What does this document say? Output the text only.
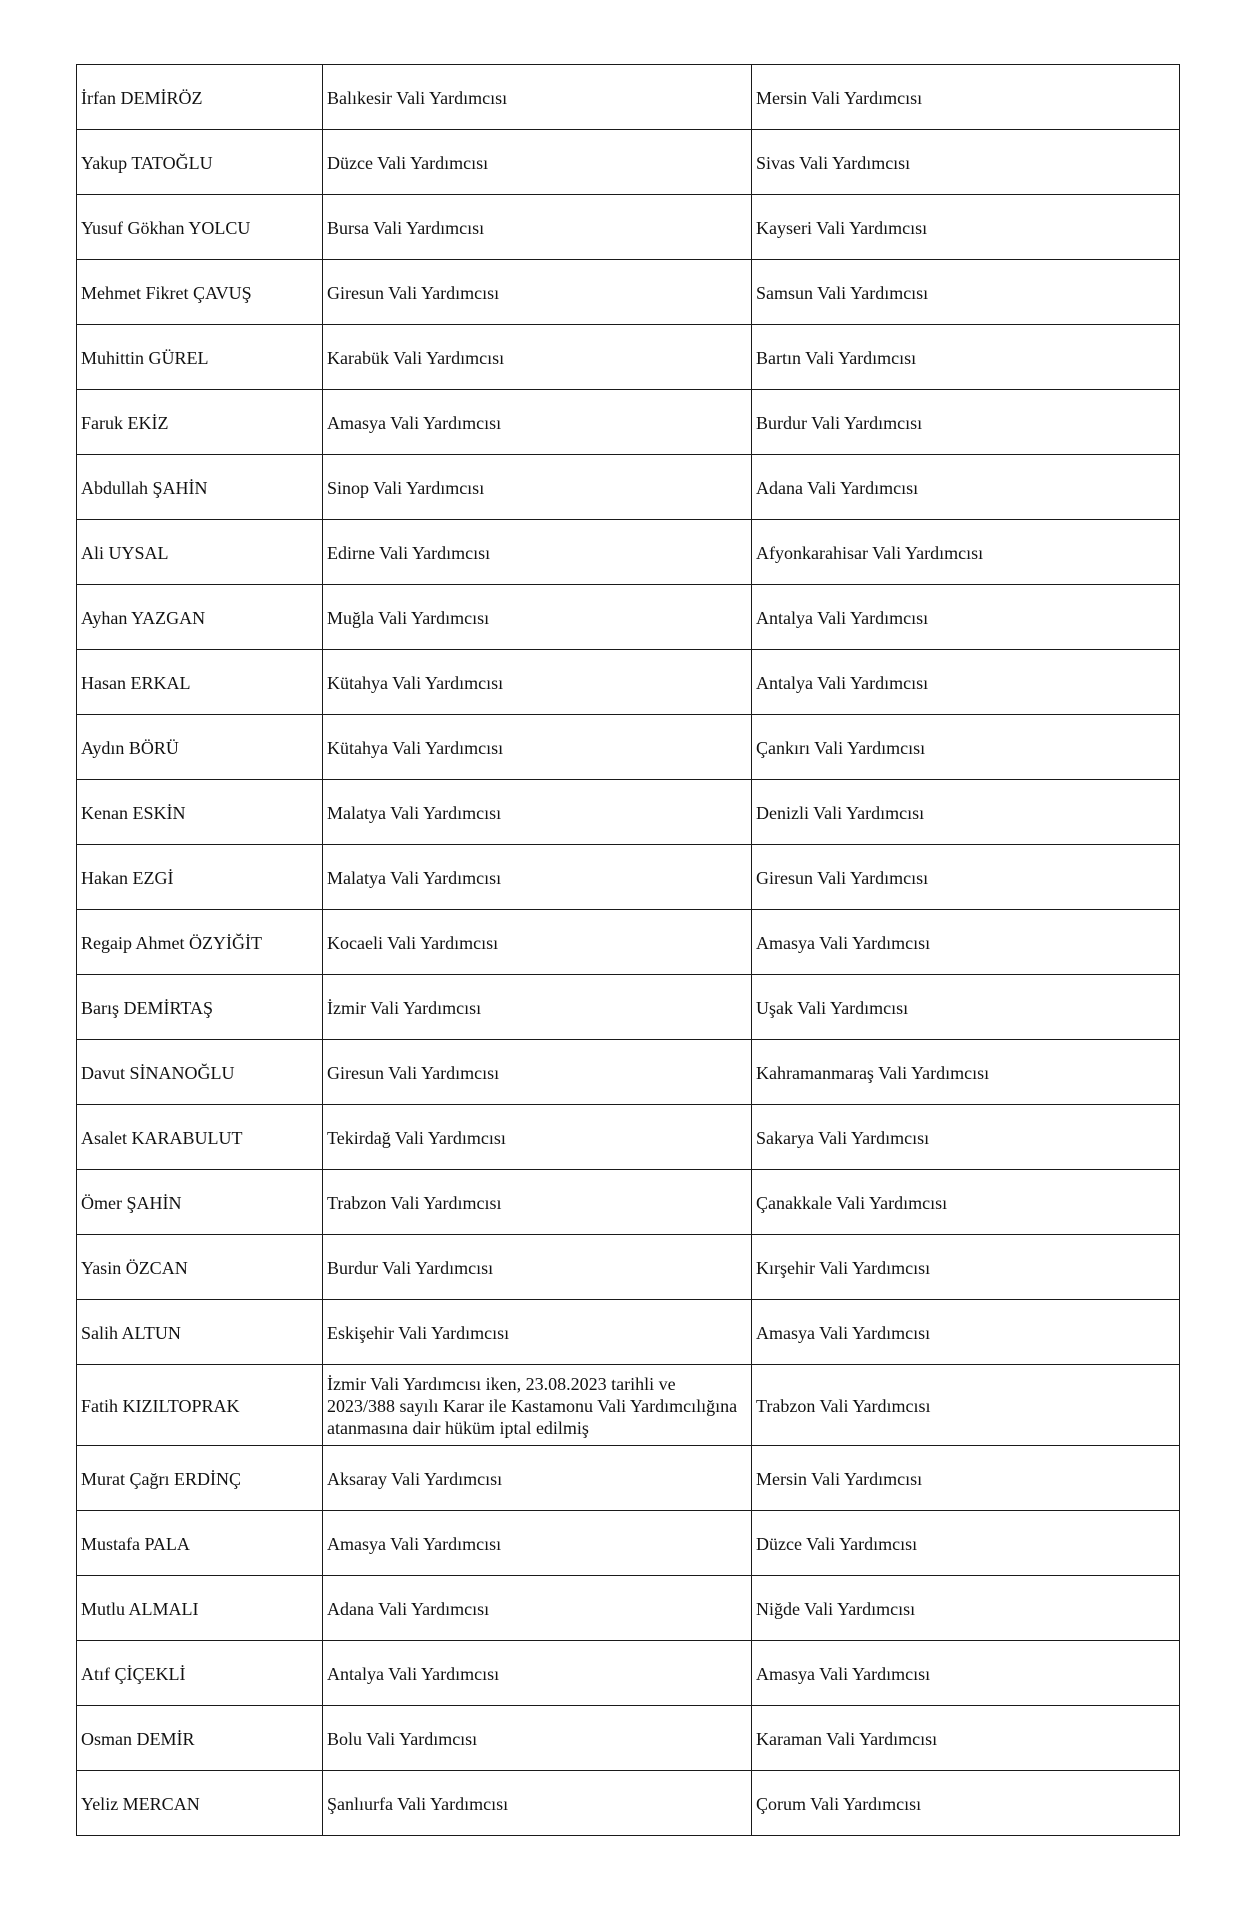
İrfan DEMİRÖZ	Balıkesir Vali Yardımcısı	Mersin Vali Yardımcısı

Yakup TATOĞLU	Düzce Vali Yardımcısı	Sivas Vali Yardımcısı

Yusuf Gökhan YOLCU	Bursa Vali Yardımcısı	Kayseri Vali Yardımcısı

Mehmet Fikret ÇAVUŞ	Giresun Vali Yardımcısı	Samsun Vali Yardımcısı

Muhittin GÜREL	Karabük Vali Yardımcısı	Bartın Vali Yardımcısı

Faruk EKİZ	Amasya Vali Yardımcısı	Burdur Vali Yardımcısı

Abdullah ŞAHİN	Sinop Vali Yardımcısı	Adana Vali Yardımcısı

Ali UYSAL	Edirne Vali Yardımcısı	Afyonkarahisar Vali Yardımcısı

Ayhan YAZGAN	Muğla Vali Yardımcısı	Antalya Vali Yardımcısı

Hasan ERKAL	Kütahya Vali Yardımcısı	Antalya Vali Yardımcısı

Aydın BÖRÜ	Kütahya Vali Yardımcısı	Çankırı Vali Yardımcısı

Kenan ESKİN	Malatya Vali Yardımcısı	Denizli Vali Yardımcısı

Hakan EZGİ	Malatya Vali Yardımcısı	Giresun Vali Yardımcısı

Regaip Ahmet ÖZYİĞİT	Kocaeli Vali Yardımcısı	Amasya Vali Yardımcısı

Barış DEMİRTAŞ	İzmir Vali Yardımcısı	Uşak Vali Yardımcısı

Davut SİNANOĞLU	Giresun Vali Yardımcısı	Kahramanmaraş Vali Yardımcısı

Asalet KARABULUT	Tekirdağ Vali Yardımcısı	Sakarya Vali Yardımcısı

Ömer ŞAHİN	Trabzon Vali Yardımcısı	Çanakkale Vali Yardımcısı

Yasin ÖZCAN	Burdur Vali Yardımcısı	Kırşehir Vali Yardımcısı

Salih ALTUN	Eskişehir Vali Yardımcısı	Amasya Vali Yardımcısı

Fatih KIZILTOPRAK	İzmir Vali Yardımcısı iken, 23.08.2023 tarihli ve 2023/388 sayılı Karar ile Kastamonu Vali Yardımcılığına atanmasına dair hüküm iptal edilmiş	Trabzon Vali Yardımcısı

Murat Çağrı ERDİNÇ	Aksaray Vali Yardımcısı	Mersin Vali Yardımcısı

Mustafa PALA	Amasya Vali Yardımcısı	Düzce Vali Yardımcısı

Mutlu ALMALI	Adana Vali Yardımcısı	Niğde Vali Yardımcısı

Atıf ÇİÇEKLİ	Antalya Vali Yardımcısı	Amasya Vali Yardımcısı

Osman DEMİR	Bolu Vali Yardımcısı	Karaman Vali Yardımcısı

Yeliz MERCAN	Şanlıurfa Vali Yardımcısı	Çorum Vali Yardımcısı
